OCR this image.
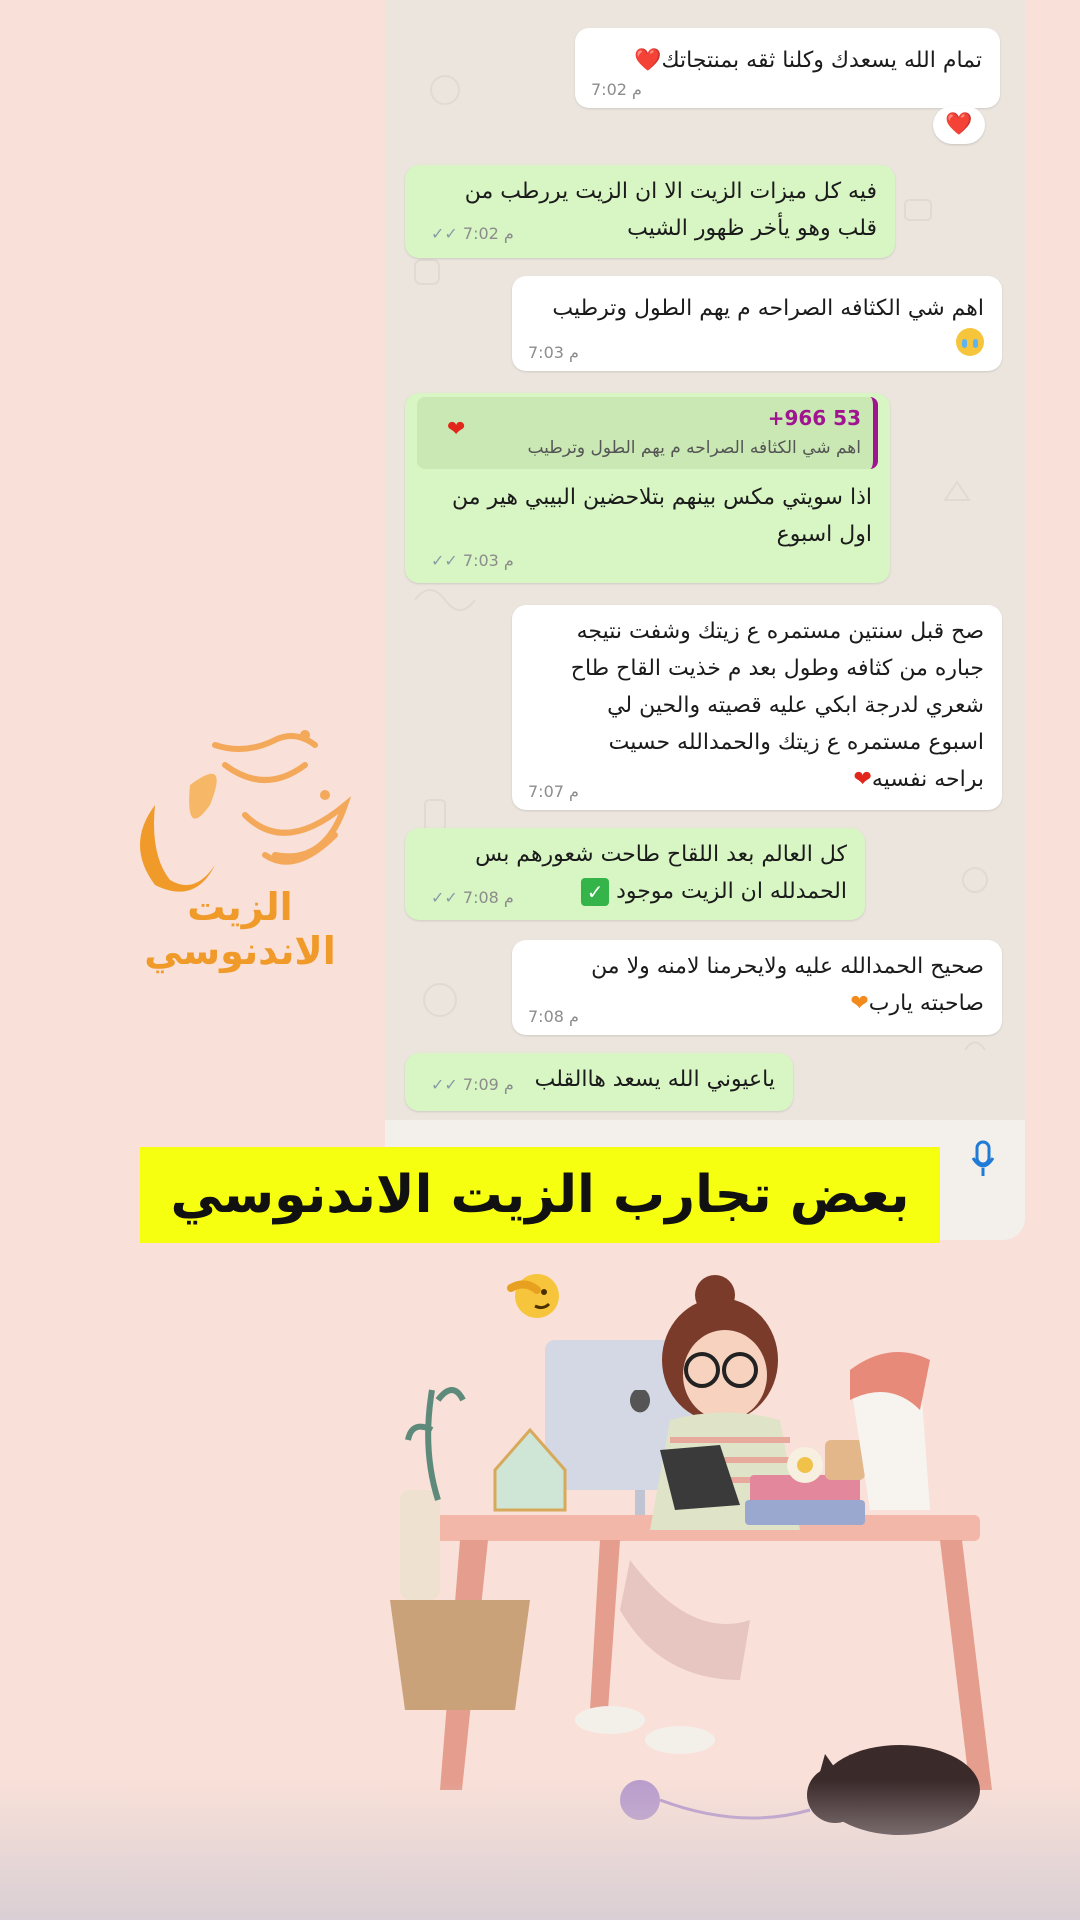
تمام الله يسعدك وكلنا ثقه بمنتجاتك❤️
7:02 م
❤️
فيه كل ميزات الزيت الا ان الزيت يررطب من
قلب وهو يأخر ظهور الشيب
✓✓ 7:02 م
اهم شي الكثافه الصراحه م يهم الطول وترطيب
7:03 م
+966 53
اهم شي الكثافه الصراحه م يهم الطول وترطيب
❤
اذا سويتي مكس بينهم بتلاحضين البيبي هير من
اول اسبوع
✓✓ 7:03 م
صح قبل سنتين مستمره ع زيتك وشفت نتيجه
جباره من كثافه وطول بعد م خذيت القاح طاح
شعري لدرجة ابكي عليه قصيته والحين لي
اسبوع مستمره ع زيتك والحمدالله حسيت
براحه نفسيه❤
7:07 م
كل العالم بعد اللقاح طاحت شعورهم بس
الحمدلله ان الزيت موجود ✓
✓✓ 7:08 م
صحيح الحمدالله عليه ولايحرمنا لامنه ولا من
صاحبته يارب❤
7:08 م
ياعيوني الله يسعد هاالقلب
✓✓ 7:09 م
الزيت الاندنوسي
بعض تجارب الزيت الاندنوسي
